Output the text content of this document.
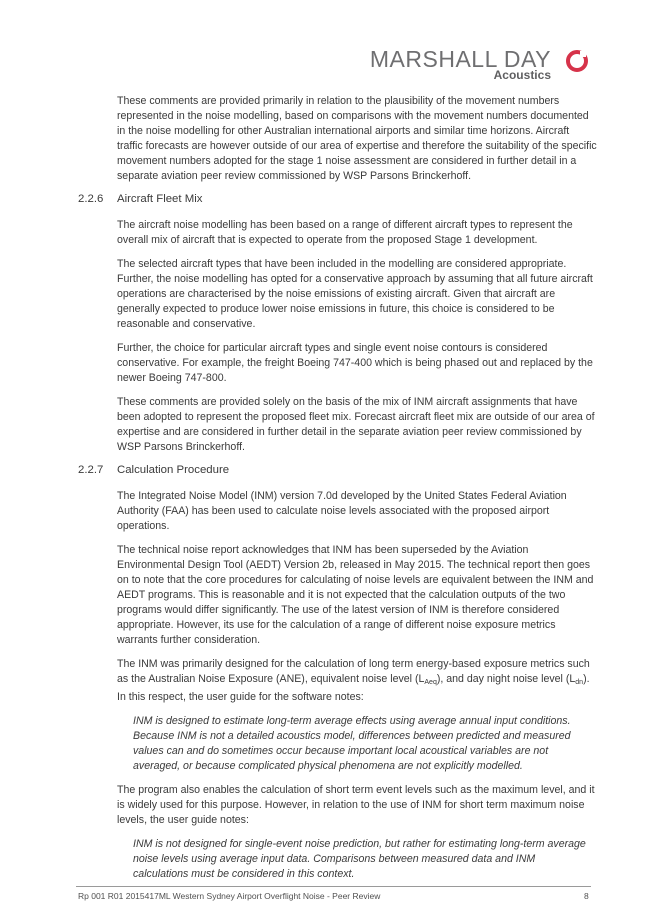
MARSHALL DAY
Acoustics

These comments are provided primarily in relation to the plausibility of the movement numbers represented in the noise modelling, based on comparisons with the movement numbers documented in the noise modelling for other Australian international airports and similar time horizons. Aircraft traffic forecasts are however outside of our area of expertise and therefore the suitability of the specific movement numbers adopted for the stage 1 noise assessment are considered in further detail in a separate aviation peer review commissioned by WSP Parsons Brinckerhoff.

2.2.6 Aircraft Fleet Mix

The aircraft noise modelling has been based on a range of different aircraft types to represent the overall mix of aircraft that is expected to operate from the proposed Stage 1 development.

The selected aircraft types that have been included in the modelling are considered appropriate. Further, the noise modelling has opted for a conservative approach by assuming that all future aircraft operations are characterised by the noise emissions of existing aircraft. Given that aircraft are generally expected to produce lower noise emissions in future, this choice is considered to be reasonable and conservative.

Further, the choice for particular aircraft types and single event noise contours is considered conservative. For example, the freight Boeing 747-400 which is being phased out and replaced by the newer Boeing 747-800.

These comments are provided solely on the basis of the mix of INM aircraft assignments that have been adopted to represent the proposed fleet mix. Forecast aircraft fleet mix are outside of our area of expertise and are considered in further detail in the separate aviation peer review commissioned by WSP Parsons Brinckerhoff.

2.2.7 Calculation Procedure

The Integrated Noise Model (INM) version 7.0d developed by the United States Federal Aviation Authority (FAA) has been used to calculate noise levels associated with the proposed airport operations.

The technical noise report acknowledges that INM has been superseded by the Aviation Environmental Design Tool (AEDT) Version 2b, released in May 2015. The technical report then goes on to note that the core procedures for calculating of noise levels are equivalent between the INM and AEDT programs. This is reasonable and it is not expected that the calculation outputs of the two programs would differ significantly. The use of the latest version of INM is therefore considered appropriate. However, its use for the calculation of a range of different noise exposure metrics warrants further consideration.

The INM was primarily designed for the calculation of long term energy-based exposure metrics such as the Australian Noise Exposure (ANE), equivalent noise level $(L_{Aeq})$, and day night noise level $(L_{dn})$. In this respect, the user guide for the software notes:

INM is designed to estimate long-term average effects using average annual input conditions. Because INM is not a detailed acoustics model, differences between predicted and measured values can and do sometimes occur because important local acoustical variables are not averaged, or because complicated physical phenomena are not explicitly modelled.

The program also enables the calculation of short term event levels such as the maximum level, and it is widely used for this purpose. However, in relation to the use of INM for short term maximum noise levels, the user guide notes:

INM is not designed for single-event noise prediction, but rather for estimating long-term average noise levels using average input data. Comparisons between measured data and INM calculations must be considered in this context.

Rp 001 R01 2015417ML Western Sydney Airport Overflight Noise - Peer Review	8
